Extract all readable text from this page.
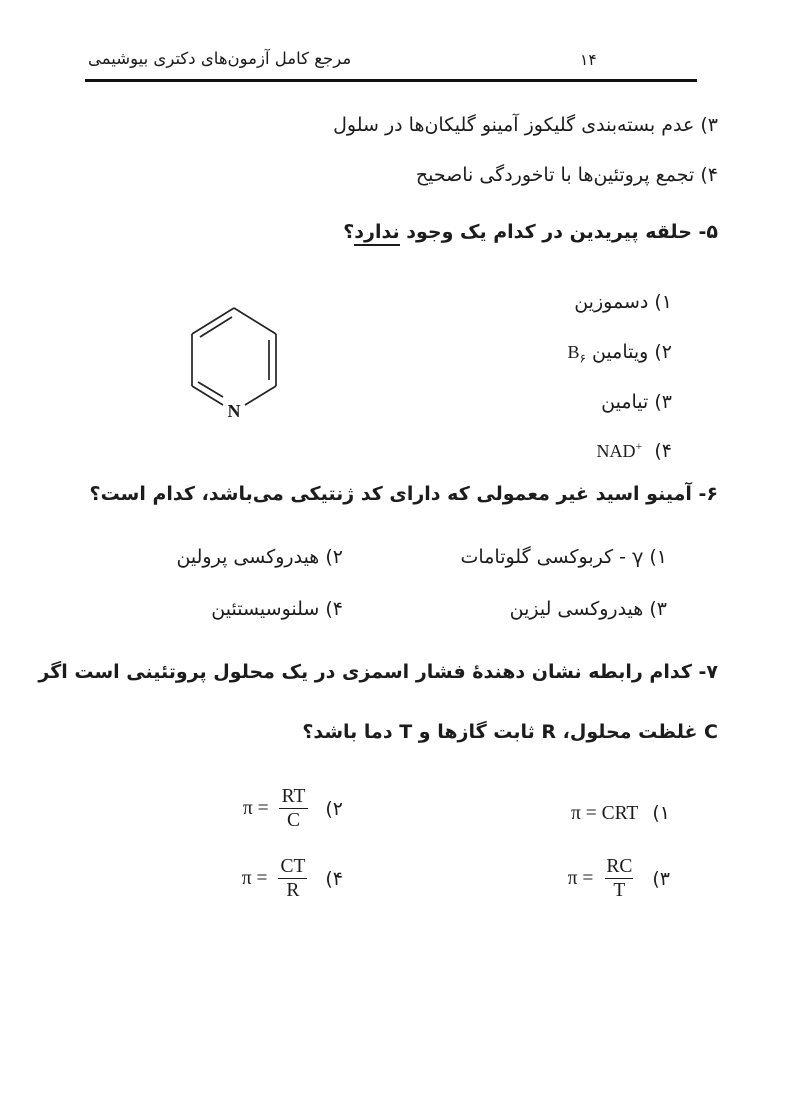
مرجع کامل آزمون‌های دکتری بیوشیمی	۱۴
۳) عدم بسته‌بندی گلیکوز آمینو گلیکان‌ها در سلول
۴) تجمع پروتئین‌ها با تاخوردگی ناصحیح
۵- حلقه پیریدین در کدام یک وجود ندارد؟
N
۱) دسموزین
۲) ویتامین $B_۶$
۳) تیامین
۴)  NAD+
۶- آمینو اسید غیر معمولی که دارای کد ژنتیکی می‌باشد، کدام است؟
۱) γ - کربوکسی گلوتامات
۲) هیدروکسی پرولین
۳) هیدروکسی لیزین
۴) سلنوسیستئین
۷- کدام رابطه نشان دهندۀ فشار اسمزی در یک محلول پروتئینی است اگر
C غلظت محلول، R ثابت گازها و T دما باشد؟
۱)
π = CRT
۲)
$\pi = \frac{RT}{C}$
۳)
$\pi = \frac{RC}{T}$
۴)
$\pi = \frac{CT}{R}$
